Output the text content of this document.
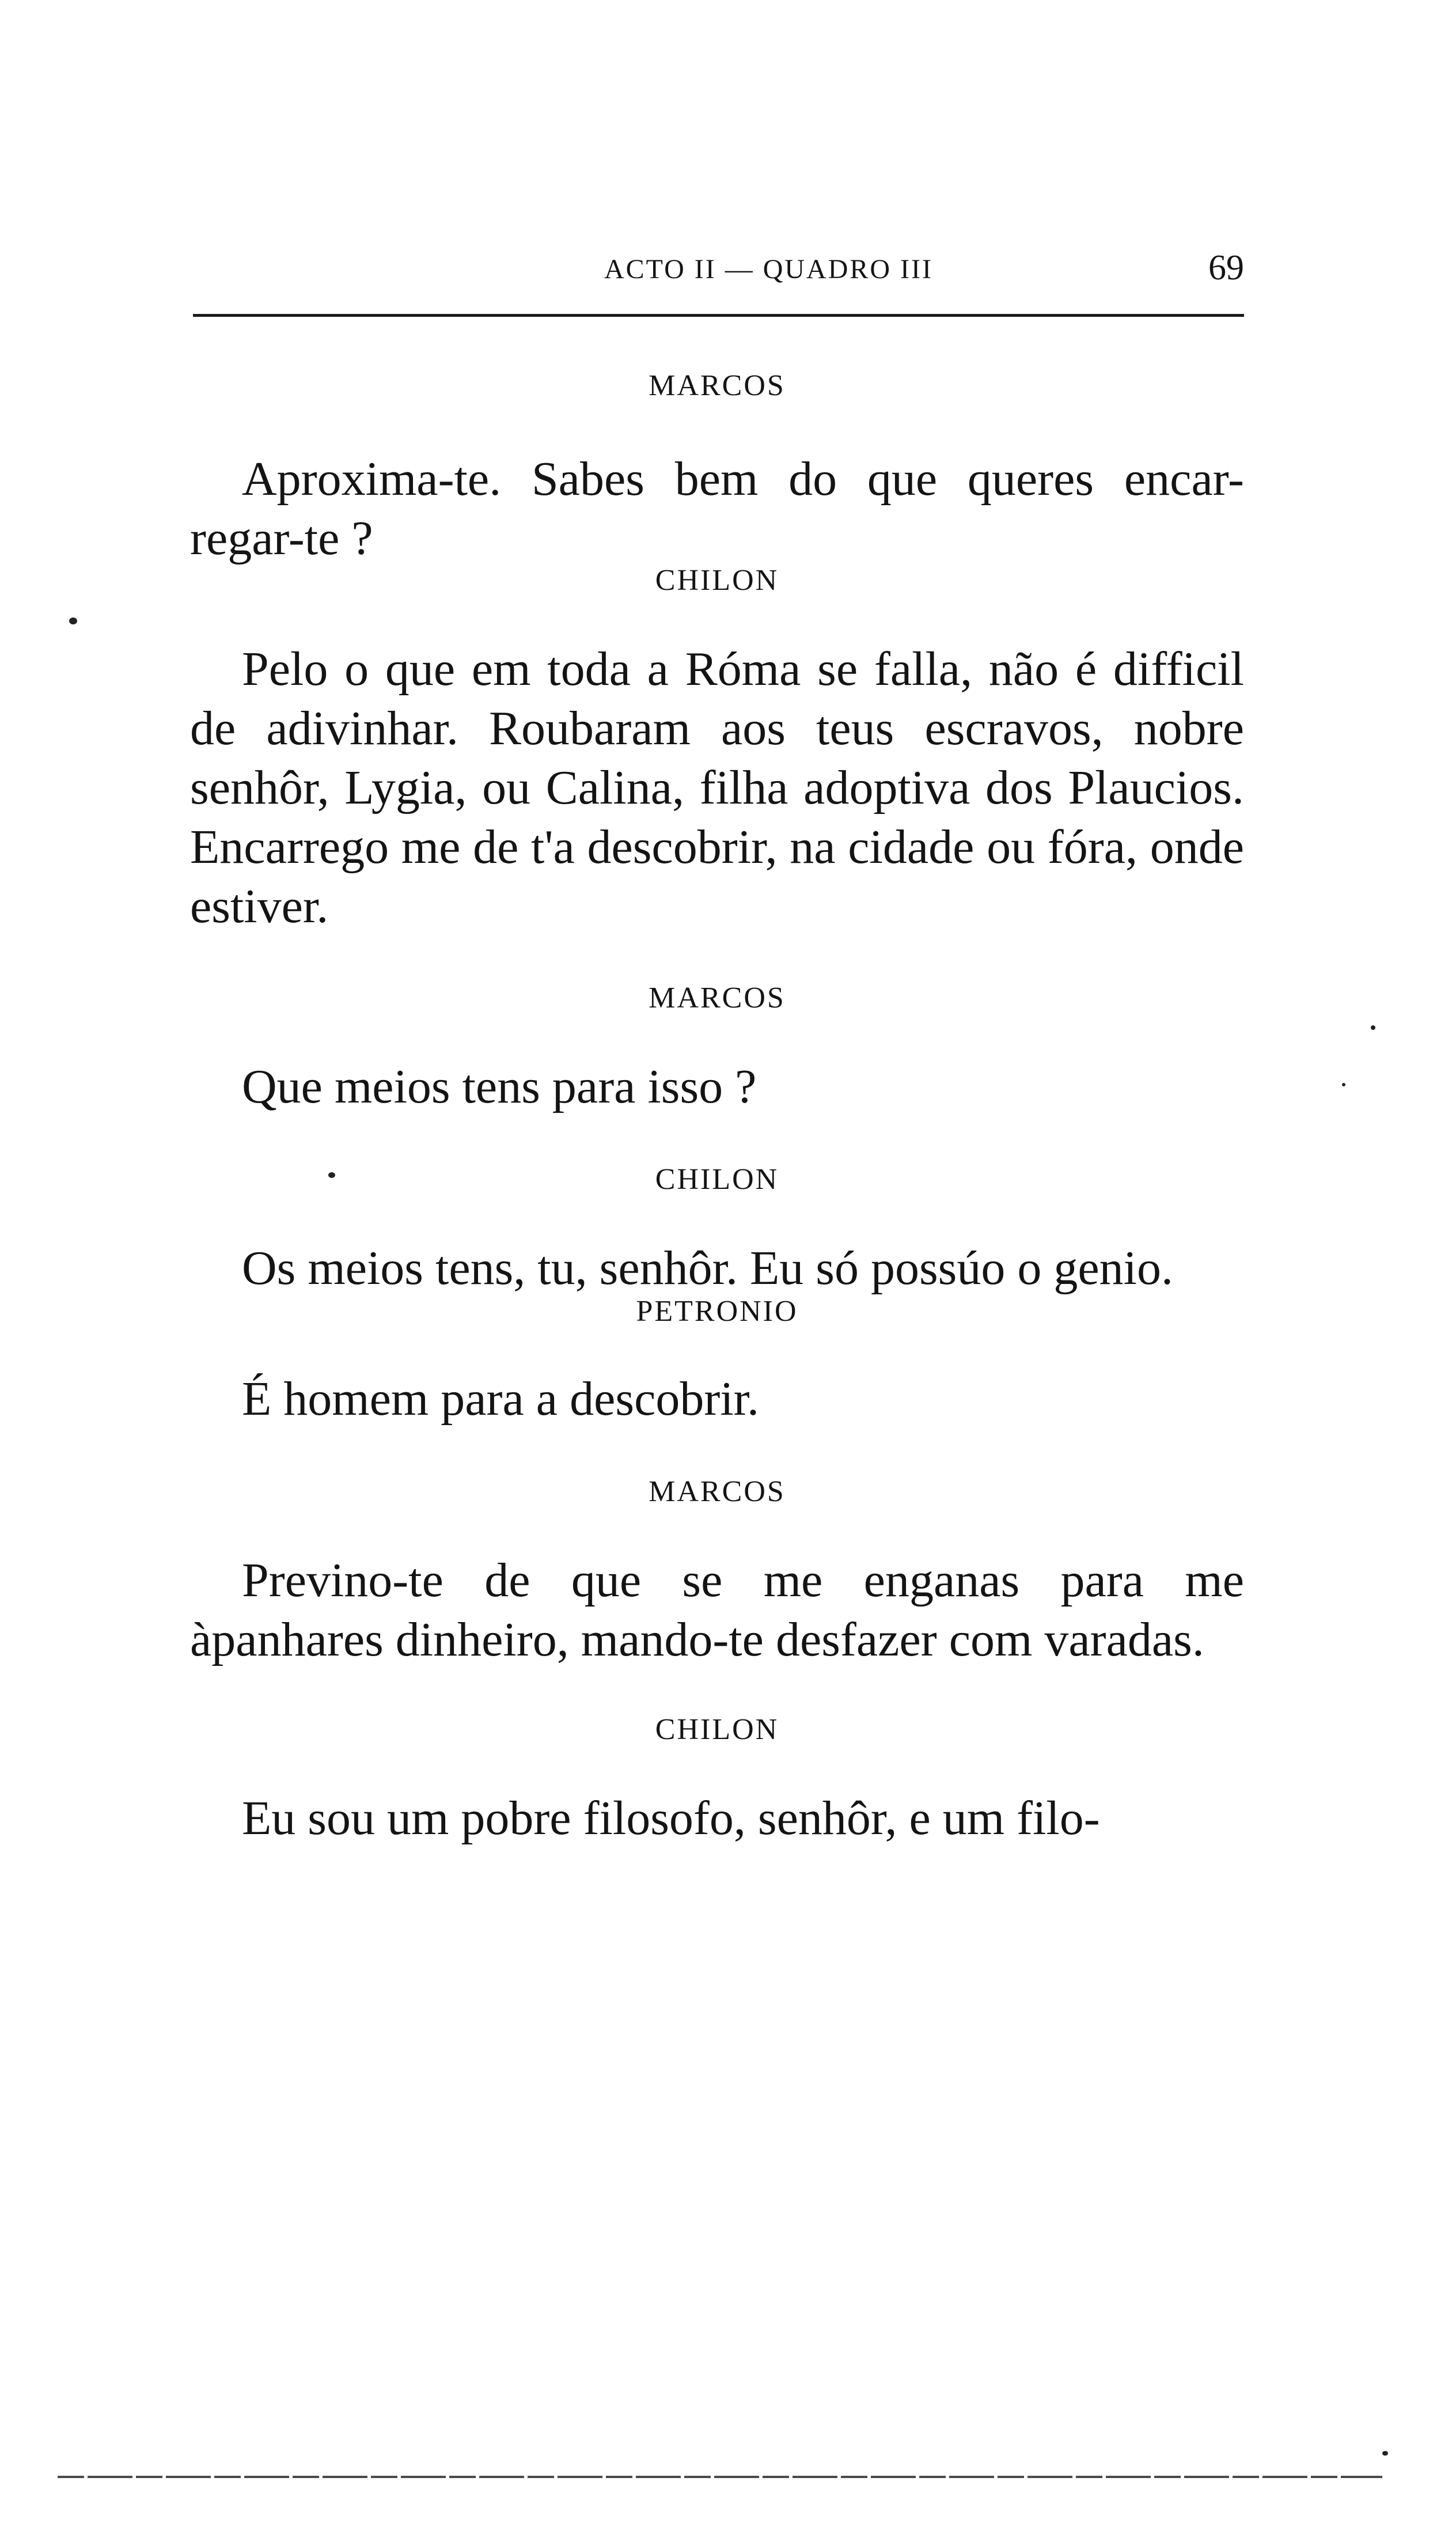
ACTO II — QUADRO III	69

MARCOS

Aproxima-te. Sabes bem do que queres encar-regar-te ?

CHILON

Pelo o que em toda a Róma se falla, não é difficil de adivinhar. Roubaram aos teus escravos, nobre senhôr, Lygia, ou Calina, filha adoptiva dos Plaucios. Encarrego me de t'a descobrir, na cidade ou fóra, onde estiver.

MARCOS

Que meios tens para isso ?

CHILON

Os meios tens, tu, senhôr. Eu só possúo o genio.

PETRONIO

É homem para a descobrir.

MARCOS

Previno-te de que se me enganas para me àpanhares dinheiro, mando-te desfazer com varadas.

CHILON

Eu sou um pobre filosofo, senhôr, e um filo-
